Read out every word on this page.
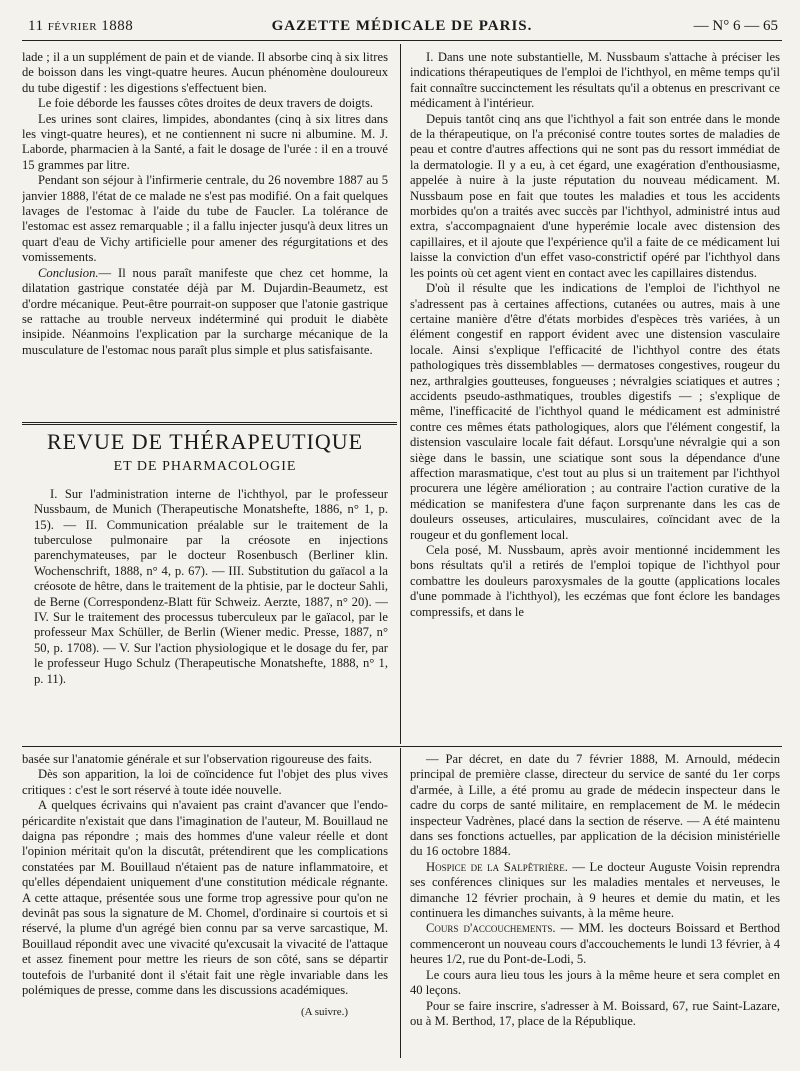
11 février 1888	GAZETTE MÉDICALE DE PARIS.	— N° 6 — 65

lade ; il a un supplément de pain et de viande. Il absorbe cinq à six litres de boisson dans les vingt-quatre heures. Aucun phénomène douloureux du tube digestif : les digestions s'effectuent bien.

Le foie déborde les fausses côtes droites de deux travers de doigts.

Les urines sont claires, limpides, abondantes (cinq à six litres dans les vingt-quatre heures), et ne contiennent ni sucre ni albumine. M. J. Laborde, pharmacien à la Santé, a fait le dosage de l'urée : il en a trouvé 15 grammes par litre.

Pendant son séjour à l'infirmerie centrale, du 26 novembre 1887 au 5 janvier 1888, l'état de ce malade ne s'est pas modifié. On a fait quelques lavages de l'estomac à l'aide du tube de Faucler. La tolérance de l'estomac est assez remarquable ; il a fallu injecter jusqu'à deux litres un quart d'eau de Vichy artificielle pour amener des régurgitations et des vomissements.

Conclusion.— Il nous paraît manifeste que chez cet homme, la dilatation gastrique constatée déjà par M. Dujardin-Beaumetz, est d'ordre mécanique. Peut-être pourrait-on supposer que l'atonie gastrique se rattache au trouble nerveux indéterminé qui produit le diabète insipide. Néanmoins l'explication par la surcharge mécanique de la musculature de l'estomac nous paraît plus simple et plus satisfaisante.

REVUE DE THÉRAPEUTIQUE
ET DE PHARMACOLOGIE

I. Sur l'administration interne de l'ichthyol, par le professeur Nussbaum, de Munich (Therapeutische Monatshefte, 1886, n° 1, p. 15). — II. Communication préalable sur le traitement de la tuberculose pulmonaire par la créosote en injections parenchymateuses, par le docteur Rosenbusch (Berliner klin. Wochenschrift, 1888, n° 4, p. 67). — III. Substitution du gaïacol a la créosote de hêtre, dans le traitement de la phtisie, par le docteur Sahli, de Berne (Correspondenz-Blatt für Schweiz. Aerzte, 1887, n° 20). — IV. Sur le traitement des processus tuberculeux par le gaïacol, par le professeur Max Schüller, de Berlin (Wiener medic. Presse, 1887, n° 50, p. 1708). — V. Sur l'action physiologique et le dosage du fer, par le professeur Hugo Schulz (Therapeutische Monatshefte, 1888, n° 1, p. 11).

I. Dans une note substantielle, M. Nussbaum s'attache à préciser les indications thérapeutiques de l'emploi de l'ichthyol, en même temps qu'il fait connaître succinctement les résultats qu'il a obtenus en prescrivant ce médicament à l'intérieur.

Depuis tantôt cinq ans que l'ichthyol a fait son entrée dans le monde de la thérapeutique, on l'a préconisé contre toutes sortes de maladies de peau et contre d'autres affections qui ne sont pas du ressort immédiat de la dermatologie. Il y a eu, à cet égard, une exagération d'enthousiasme, appelée à nuire à la juste réputation du nouveau médicament. M. Nussbaum pose en fait que toutes les maladies et tous les accidents morbides qu'on a traités avec succès par l'ichthyol, administré intus aud extra, s'accompagnaient d'une hyperémie locale avec distension des capillaires, et il ajoute que l'expérience qu'il a faite de ce médicament lui laisse la conviction d'un effet vaso-constrictif opéré par l'ichthyol dans les points où cet agent vient en contact avec les capillaires distendus.

D'où il résulte que les indications de l'emploi de l'ichthyol ne s'adressent pas à certaines affections, cutanées ou autres, mais à une certaine manière d'être d'états morbides d'espèces très variées, à un élément congestif en rapport évident avec une distension vasculaire locale. Ainsi s'explique l'efficacité de l'ichthyol contre des états pathologiques très dissemblables — dermatoses congestives, rougeur du nez, arthralgies goutteuses, fongueuses ; névralgies sciatiques et autres ; accidents pseudo-asthmatiques, troubles digestifs — ; s'explique de même, l'inefficacité de l'ichthyol quand le médicament est administré contre ces mêmes états pathologiques, alors que l'élément congestif, la distension vasculaire locale fait défaut. Lorsqu'une névralgie qui a son siège dans le bassin, une sciatique sont sous la dépendance d'une affection marasmatique, c'est tout au plus si un traitement par l'ichthyol procurera une légère amélioration ; au contraire l'action curative de la médication se manifestera d'une façon surprenante dans les cas de douleurs osseuses, articulaires, musculaires, coïncidant avec de la rougeur et du gonflement local.

Cela posé, M. Nussbaum, après avoir mentionné incidemment les bons résultats qu'il a retirés de l'emploi topique de l'ichthyol pour combattre les douleurs paroxysmales de la goutte (applications locales d'une pommade à l'ichthyol), les eczémas que font éclore les bandages compressifs, et dans le

basée sur l'anatomie générale et sur l'observation rigoureuse des faits.

Dès son apparition, la loi de coïncidence fut l'objet des plus vives critiques : c'est le sort réservé à toute idée nouvelle.

A quelques écrivains qui n'avaient pas craint d'avancer que l'endo-péricardite n'existait que dans l'imagination de l'auteur, M. Bouillaud ne daigna pas répondre ; mais des hommes d'une valeur réelle et dont l'opinion méritait qu'on la discutât, prétendirent que les complications constatées par M. Bouillaud n'étaient pas de nature inflammatoire, et qu'elles dépendaient uniquement d'une constitution médicale régnante. A cette attaque, présentée sous une forme trop agressive pour qu'on ne devinât pas sous la signature de M. Chomel, d'ordinaire si courtois et si réservé, la plume d'un agrégé bien connu par sa verve sarcastique, M. Bouillaud répondit avec une vivacité qu'excusait la vivacité de l'attaque et assez finement pour mettre les rieurs de son côté, sans se départir toutefois de l'urbanité dont il s'était fait une règle invariable dans les polémiques de presse, comme dans les discussions académiques.

(A suivre.)

— Par décret, en date du 7 février 1888, M. Arnould, médecin principal de première classe, directeur du service de santé du 1er corps d'armée, à Lille, a été promu au grade de médecin inspecteur dans le cadre du corps de santé militaire, en remplacement de M. le médecin inspecteur Vadrènes, placé dans la section de réserve. — A été maintenu dans ses fonctions actuelles, par application de la décision ministérielle du 16 octobre 1884.

Hospice de la Salpêtrière. — Le docteur Auguste Voisin reprendra ses conférences cliniques sur les maladies mentales et nerveuses, le dimanche 12 février prochain, à 9 heures et demie du matin, et les continuera les dimanches suivants, à la même heure.

Cours d'accouchements. — MM. les docteurs Boissard et Berthod commenceront un nouveau cours d'accouchements le lundi 13 février, à 4 heures 1/2, rue du Pont-de-Lodi, 5.

Le cours aura lieu tous les jours à la même heure et sera complet en 40 leçons.

Pour se faire inscrire, s'adresser à M. Boissard, 67, rue Saint-Lazare, ou à M. Berthod, 17, place de la République.
